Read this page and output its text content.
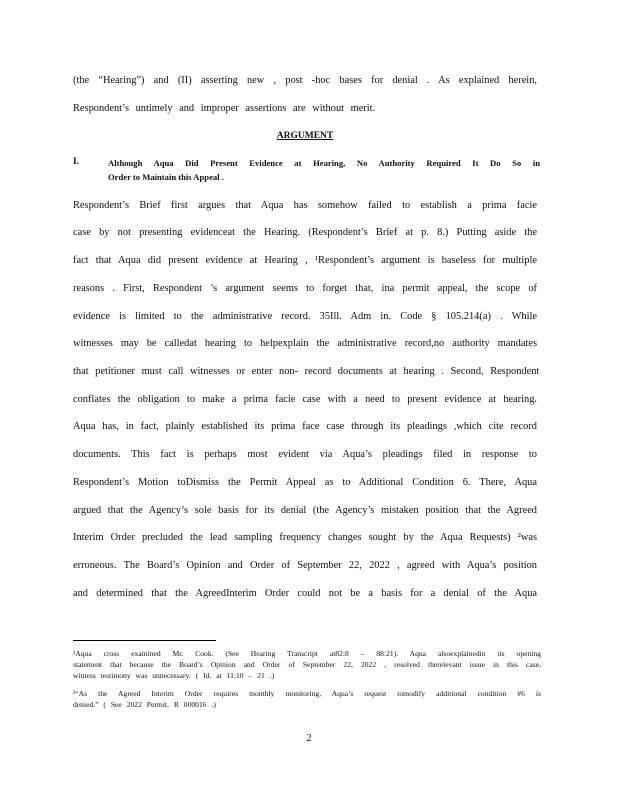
(the “Hearing”) and (II) asserting new , post -hoc bases for denial . As explained herein,
Respondent’s untimely and improper assertions are without merit.
ARGUMENT
I.	Although Aqua Did Present Evidence at Hearing, No Authority Required It Do So in
Order to Maintain this Appeal .
Respondent’s Brief first argues that Aqua has somehow failed to establish a prima facie
case by not presenting evidenceat the Hearing. (Respondent’s Brief at p. 8.) Putting aside the
fact that Aqua did present evidence at Hearing , ¹Respondent’s argument is baseless for multiple
reasons . First, Respondent ’s argument seems to forget that, ina permit appeal, the scope of
evidence is limited to the administrative record. 35Ill. Adm in. Code § 105.214(a) . While
witnesses may be calledat hearing to helpexplain the administrative record,no authority mandates
that petitioner must call witnesses or enter non- record documents at hearing . Second, Respondent
conflates the obligation to make a prima facie case with a need to present evidence at hearing.
Aqua has, in fact, plainly established its prima face case through its pleadings ,which cite record
documents. This fact is perhaps most evident via Aqua’s pleadings filed in response to
Respondent’s Motion toDismiss the Permit Appeal as to Additional Condition 6. There, Aqua
argued that the Agency’s sole basis for its denial (the Agency’s mistaken position that the Agreed
Interim Order precluded the lead sampling frequency changes sought by the Aqua Requests) ²was
erroneous. The Board’s Opinion and Order of September 22, 2022 , agreed with Aqua’s position
and determined that the AgreedInterim Order could not be a basis for a denial of the Aqua
¹Aqua cross examined Mr. Cook. (See Hearing Transcript at82:8 – 88:21). Aqua alsoexplainedin its opening
statement that because the Board’s Opinion and Order of September 22, 2022 , resolved therelevant issue in this case,
witness testimony was unnecessary. ( Id. at 11:10 – 21 .)
²“As the Agreed Interim Order requires monthly monitoring, Aqua’s request tomodify additional condition #6 is
denied.” ( See 2022 Permit, R 000016 .)
2
